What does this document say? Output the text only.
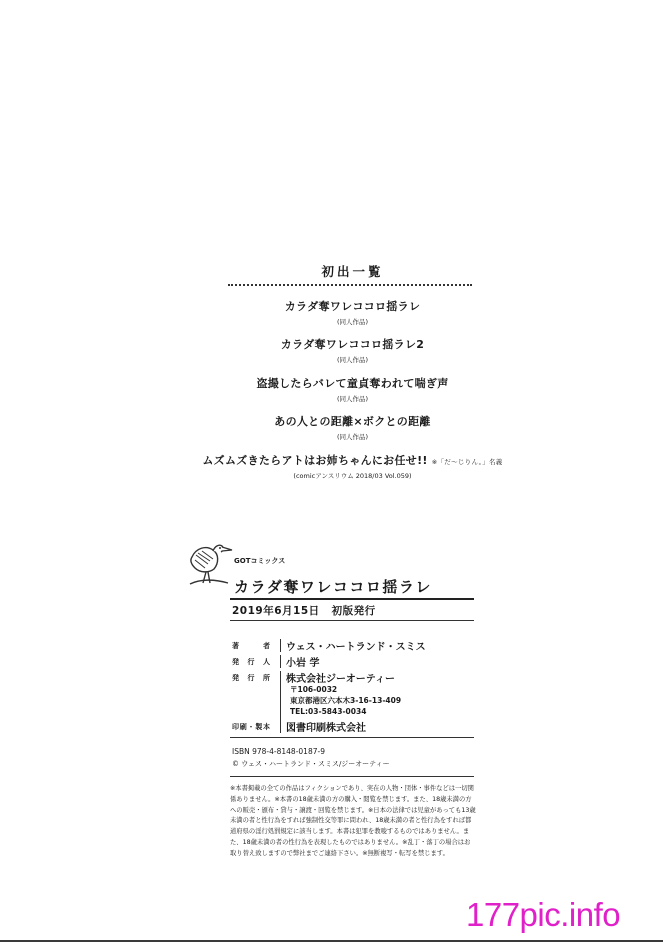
初出一覧
カラダ奪ワレココロ揺ラレ
(同人作品)
カラダ奪ワレココロ揺ラレ2
(同人作品)
盗撮したらバレて童貞奪われて喘ぎ声
(同人作品)
あの人との距離×ボクとの距離
(同人作品)
ムズムズきたらアトはお姉ちゃんにお任せ!! ※「だ〜じりん。」名義
(comicアンスリウム 2018/03 Vol.059)
GOTコミックス
カラダ奪ワレココロ揺ラレ
2019年6月15日 初版発行
著者 ウェス・ハートランド・スミス
発行人 小岩 学
発行所 株式会社ジーオーティー
〒106-0032
東京都港区六本木3-16-13-409
TEL:03-5843-0034
印刷・製本 図書印刷株式会社
ISBN 978-4-8148-0187-9
© ウェス・ハートランド・スミス/ジーオーティー
※本書掲載の全ての作品はフィクションであり、実在の人物・団体・事件などは一切関係ありません。※本書の18歳未満の方の購入・閲覧を禁じます。また、18歳未満の方への販売・頒布・貸与・譲渡・回覧を禁じます。※日本の法律では児童があっても13歳未満の者と性行為をすれば強制性交等罪に問われ、18歳未満の者と性行為をすれば都道府県の淫行処罰規定に該当します。本書は犯罪を教唆するものではありません。また、18歳未満の者の性行為を表現したものではありません。※乱丁・落丁の場合はお取り替え致しますので弊社までご連絡下さい。※無断複写・転写を禁じます。
177pic.info
